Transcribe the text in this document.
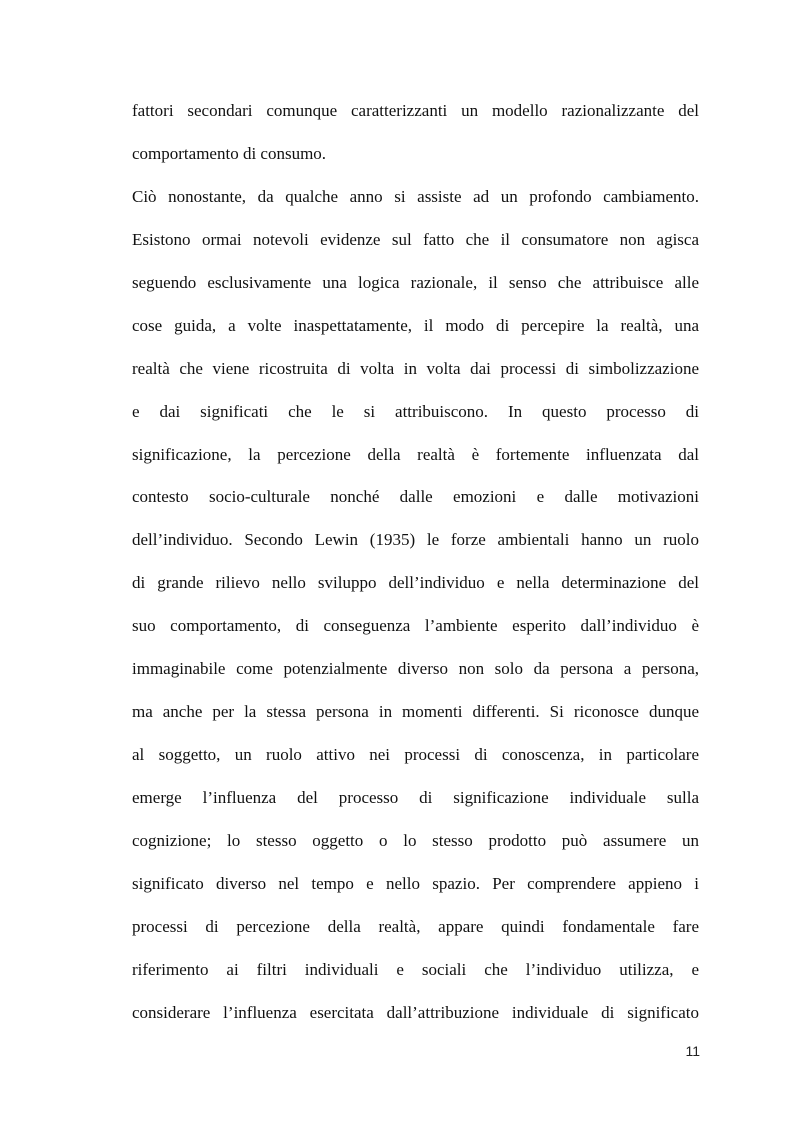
fattori secondari comunque caratterizzanti un modello razionalizzante del
comportamento di consumo.
Ciò nonostante, da qualche anno si assiste ad un profondo cambiamento.
Esistono ormai notevoli evidenze sul fatto che il consumatore non agisca
seguendo esclusivamente una logica razionale, il senso che attribuisce alle
cose guida, a volte inaspettatamente, il modo di percepire la realtà, una
realtà che viene ricostruita di volta in volta dai processi di simbolizzazione
e dai significati che le si attribuiscono. In questo processo di
significazione, la percezione della realtà è fortemente influenzata dal
contesto socio-culturale nonché dalle emozioni e dalle motivazioni
dell’individuo. Secondo Lewin (1935) le forze ambientali hanno un ruolo
di grande rilievo nello sviluppo dell’individuo e nella determinazione del
suo comportamento, di conseguenza l’ambiente esperito dall’individuo è
immaginabile come potenzialmente diverso non solo da persona a persona,
ma anche per la stessa persona in momenti differenti. Si riconosce dunque
al soggetto, un ruolo attivo nei processi di conoscenza, in particolare
emerge l’influenza del processo di significazione individuale sulla
cognizione; lo stesso oggetto o lo stesso prodotto può assumere un
significato diverso nel tempo e nello spazio. Per comprendere appieno i
processi di percezione della realtà, appare quindi fondamentale fare
riferimento ai filtri individuali e sociali che l’individuo utilizza, e
considerare l’influenza esercitata dall’attribuzione individuale di significato
11
